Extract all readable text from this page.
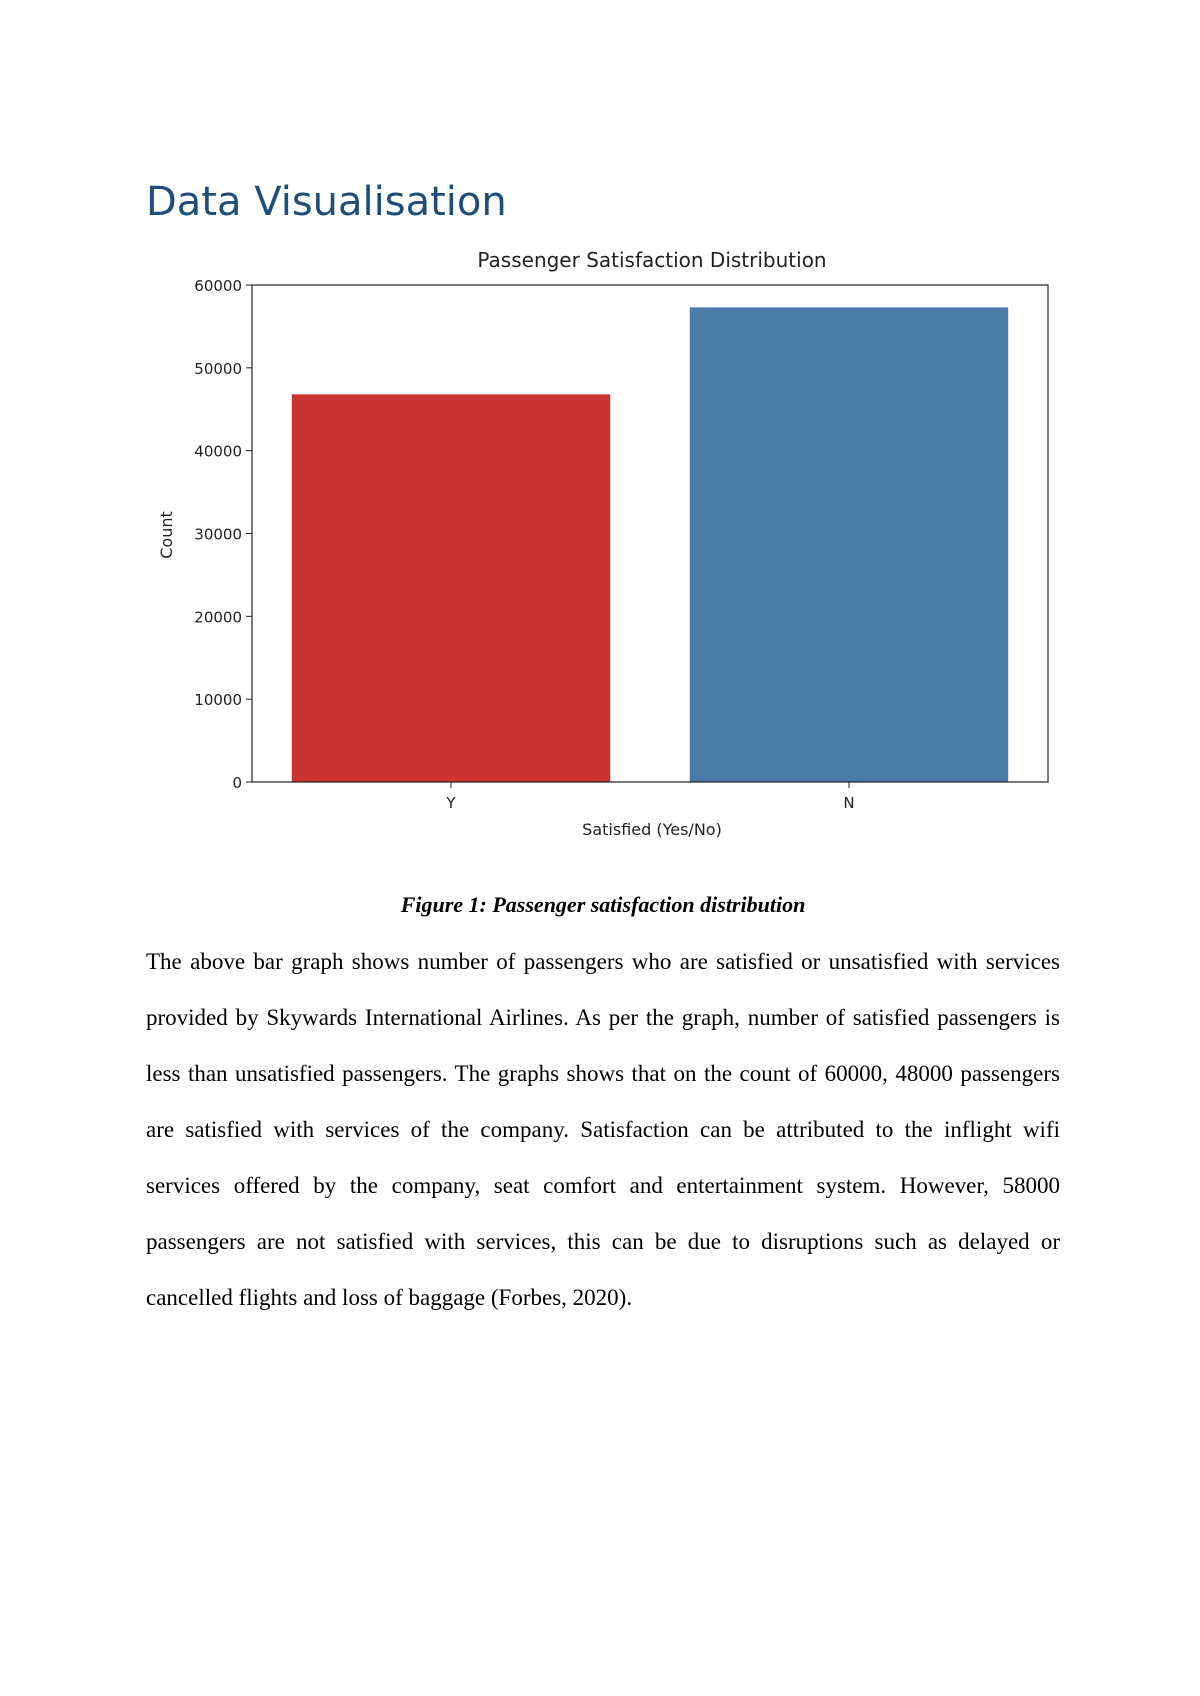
Data Visualisation
Passenger Satisfaction Distribution
Satisfied (Yes/No)
Count
Y	N
0
10000
20000
30000
40000
50000
60000

Figure 1: Passenger satisfaction distribution

The above bar graph shows number of passengers who are satisfied or unsatisfied with services provided by Skywards International Airlines. As per the graph, number of satisfied passengers is less than unsatisfied passengers. The graphs shows that on the count of 60000, 48000 passengers are satisfied with services of the company. Satisfaction can be attributed to the inflight wifi services offered by the company, seat comfort and entertainment system. However, 58000 passengers are not satisfied with services, this can be due to disruptions such as delayed or cancelled flights and loss of baggage (Forbes, 2020).
